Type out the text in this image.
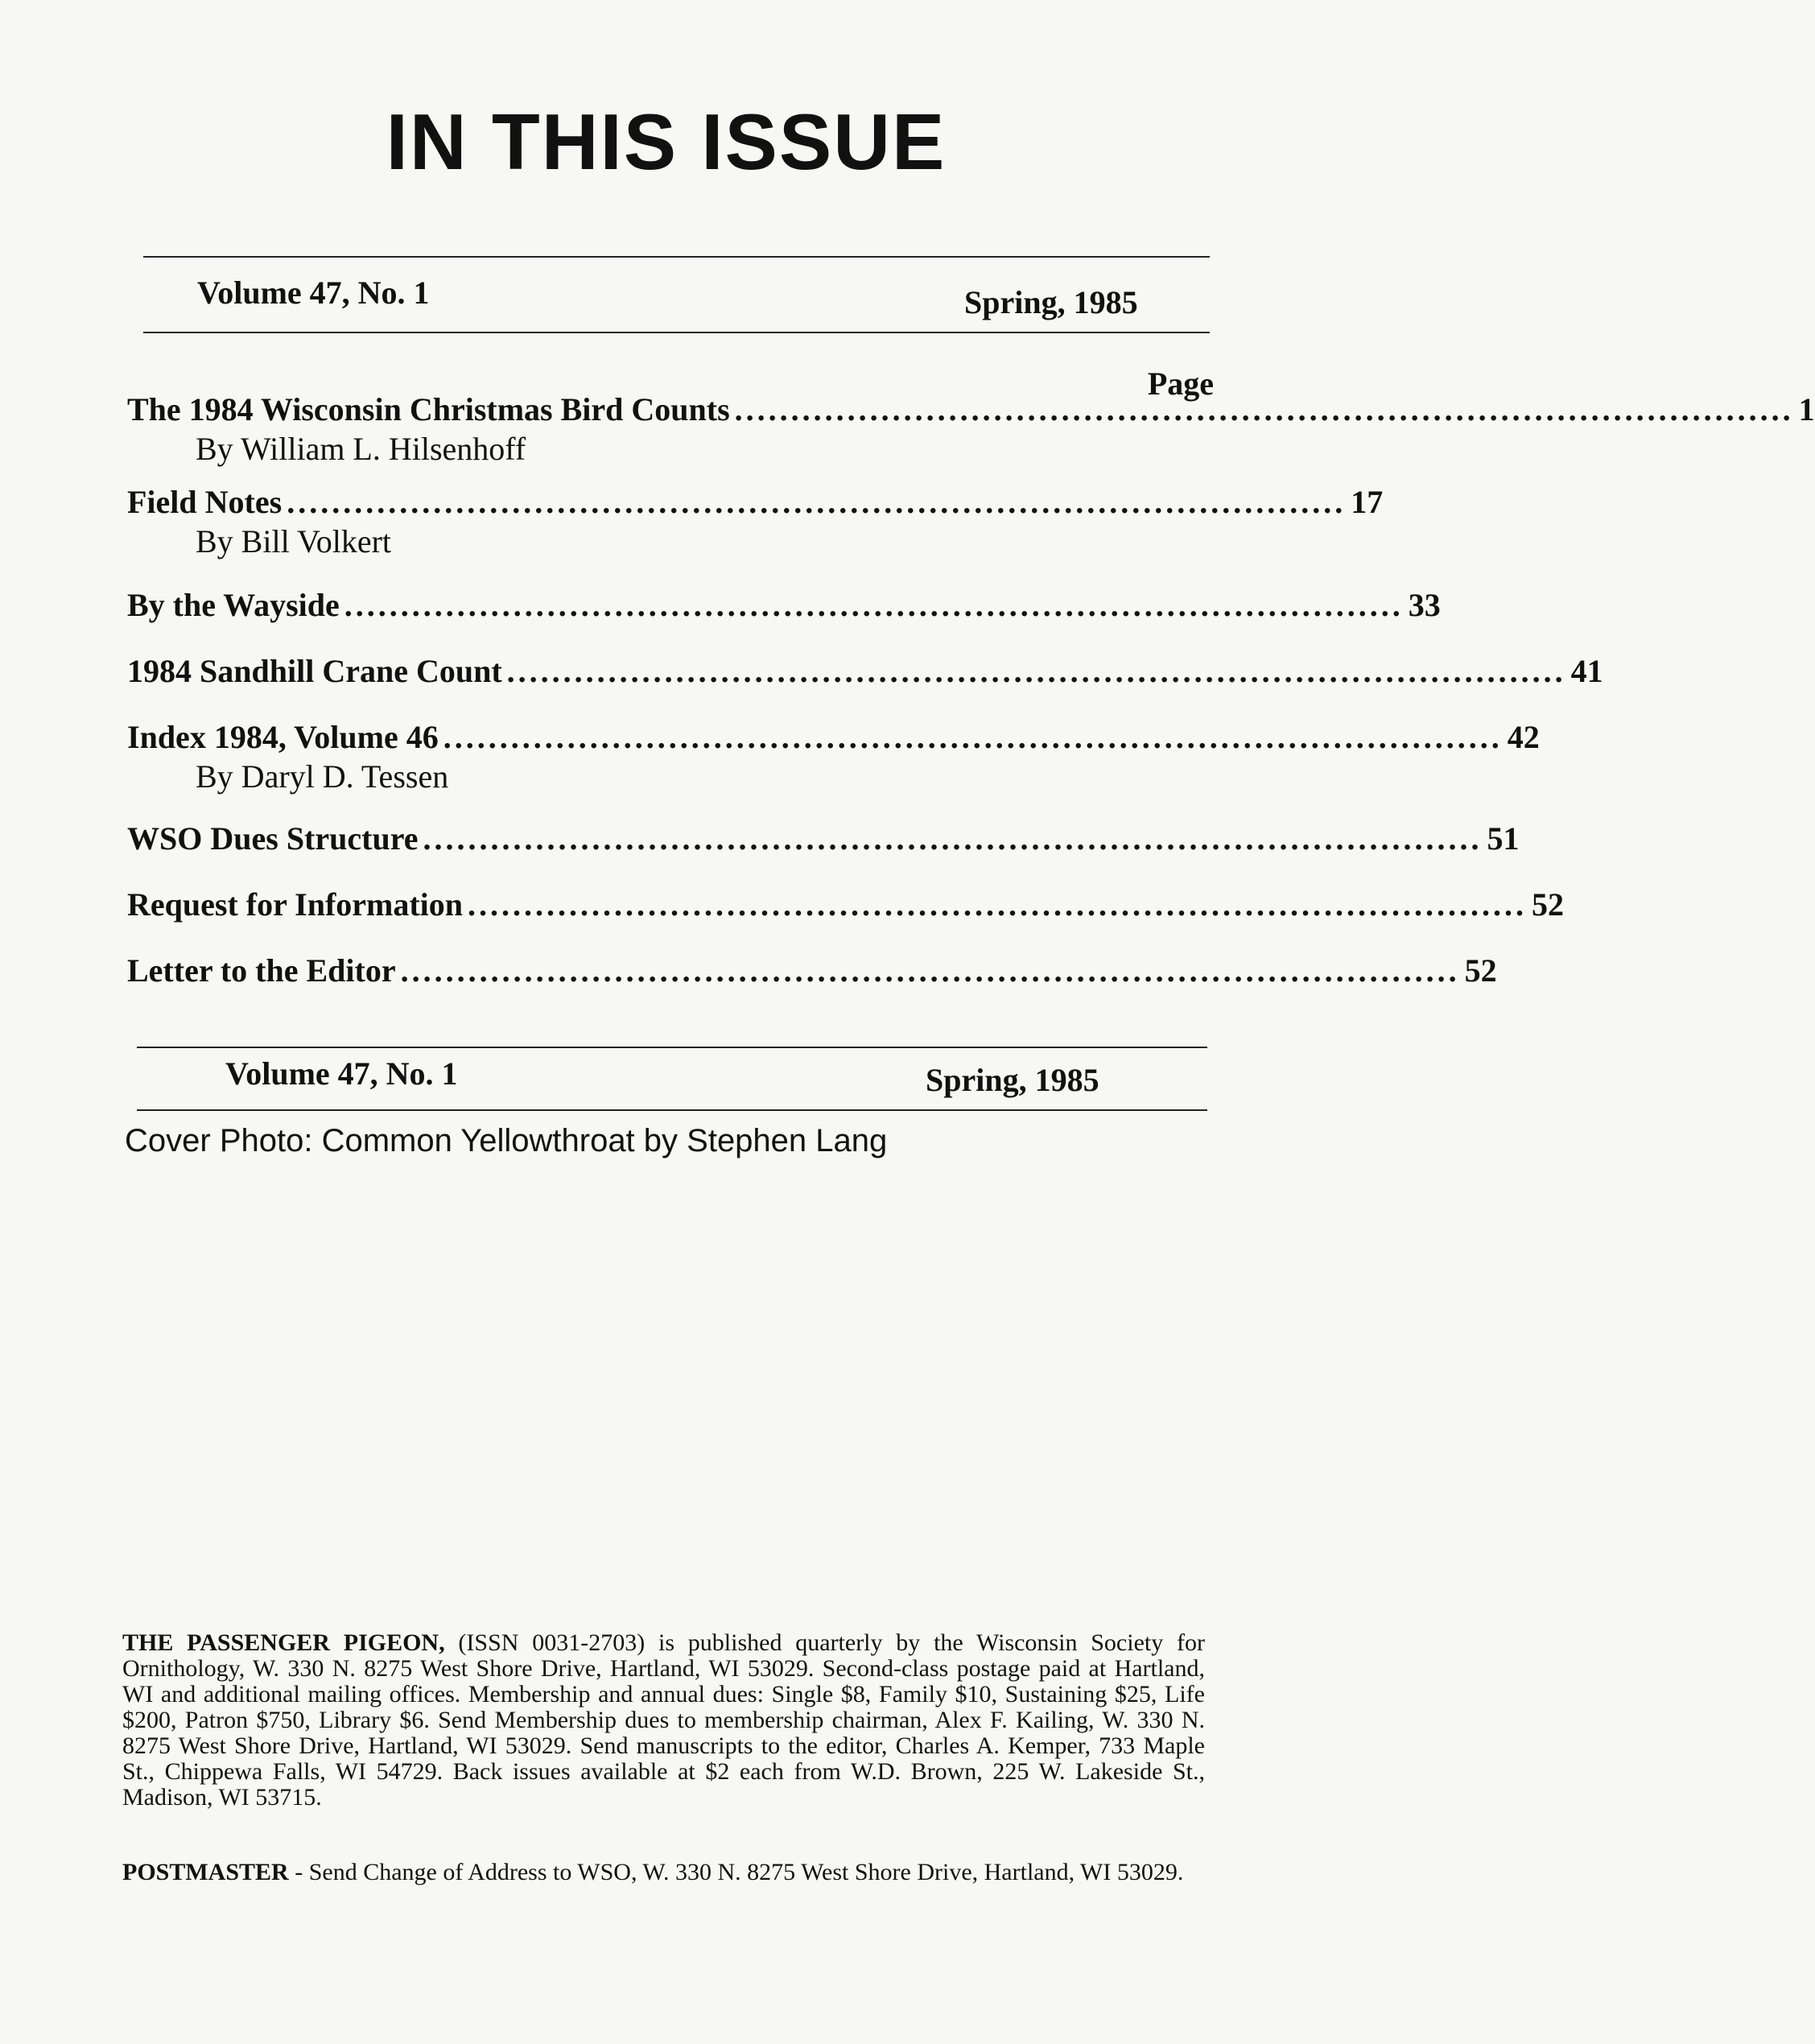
IN THIS ISSUE
Volume 47, No. 1	Spring, 1985
Page
The 1984 Wisconsin Christmas Bird Counts .............................................................................................. 1
By William L. Hilsenhoff
Field Notes .............................................................................................. 17
By Bill Volkert
By the Wayside .............................................................................................. 33
1984 Sandhill Crane Count .............................................................................................. 41
Index 1984, Volume 46 .............................................................................................. 42
By Daryl D. Tessen
WSO Dues Structure .............................................................................................. 51
Request for Information .............................................................................................. 52
Letter to the Editor .............................................................................................. 52
Volume 47, No. 1	Spring, 1985
Cover Photo: Common Yellowthroat by Stephen Lang
THE PASSENGER PIGEON, (ISSN 0031-2703) is published quarterly by the Wisconsin Society for Ornithology, W. 330 N. 8275 West Shore Drive, Hartland, WI 53029. Second-class postage paid at Hartland, WI and additional mailing offices. Membership and annual dues: Single $8, Family $10, Sustaining $25, Life $200, Patron $750, Library $6. Send Membership dues to membership chairman, Alex F. Kailing, W. 330 N. 8275 West Shore Drive, Hartland, WI 53029. Send manuscripts to the editor, Charles A. Kemper, 733 Maple St., Chippewa Falls, WI 54729. Back issues available at $2 each from W.D. Brown, 225 W. Lakeside St., Madison, WI 53715.
POSTMASTER - Send Change of Address to WSO, W. 330 N. 8275 West Shore Drive, Hartland, WI 53029.
